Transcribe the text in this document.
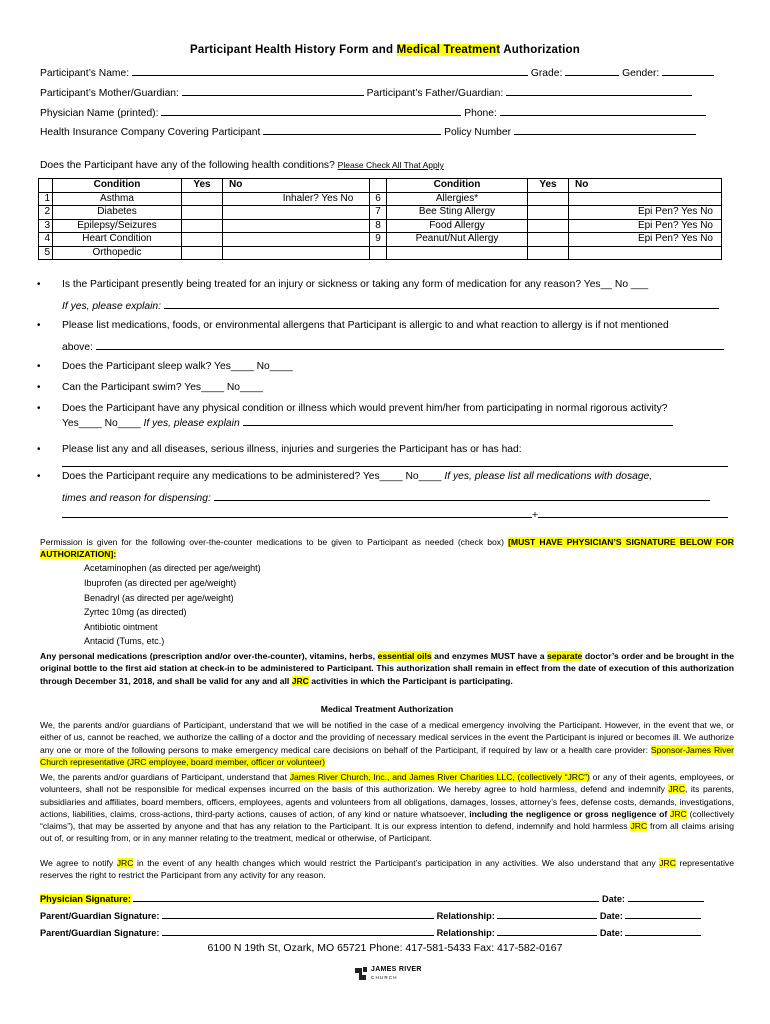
Participant Health History Form and Medical Treatment Authorization
Participant’s Name:	Grade:	Gender:
Participant’s Mother/Guardian:	Participant’s Father/Guardian:
Physician Name (printed):	Phone:
Health Insurance Company Covering Participant	Policy Number
Does the Participant have any of the following health conditions? Please Check All That Apply
	Condition	Yes	No			Condition	Yes	No	
1	Asthma			Inhaler? Yes No	6	Allergies*			
2	Diabetes				7	Bee Sting Allergy			Epi Pen? Yes No
3	Epilepsy/Seizures				8	Food Allergy			Epi Pen? Yes No
4	Heart Condition				9	Peanut/Nut Allergy			Epi Pen? Yes No
5	Orthopedic								
• Is the Participant presently being treated for an injury or sickness or taking any form of medication for any reason? Yes__ No ___
If yes, please explain:
• Please list medications, foods, or environmental allergens that Participant is allergic to and what reaction to allergy is if not mentioned
above:
• Does the Participant sleep walk? Yes____ No____
• Can the Participant swim? Yes____ No____
• Does the Participant have any physical condition or illness which would prevent him/her from participating in normal rigorous activity?
Yes____ No____ If yes, please explain
• Please list any and all diseases, serious illness, injuries and surgeries the Participant has or has had:
• Does the Participant require any medications to be administered? Yes____ No____ If yes, please list all medications with dosage,
times and reason for dispensing:
+
Permission is given for the following over-the-counter medications to be given to Participant as needed (check box) [MUST HAVE PHYSICIAN’S SIGNATURE BELOW FOR AUTHORIZATION]:
Acetaminophen (as directed per age/weight)
Ibuprofen (as directed per age/weight)
Benadryl (as directed per age/weight)
Zyrtec 10mg (as directed)
Antibiotic ointment
Antacid (Tums, etc.)
Any personal medications (prescription and/or over-the-counter), vitamins, herbs, essential oils and enzymes MUST have a separate doctor’s order and be brought in the original bottle to the first aid station at check-in to be administered to Participant. This authorization shall remain in effect from the date of execution of this authorization through December 31, 2018, and shall be valid for any and all JRC activities in which the Participant is participating.
Medical Treatment Authorization
We, the parents and/or guardians of Participant, understand that we will be notified in the case of a medical emergency involving the Participant. However, in the event that we, or either of us, cannot be reached, we authorize the calling of a doctor and the providing of necessary medical services in the event the Participant is injured or becomes ill. We authorize any one or more of the following persons to make emergency medical care decisions on behalf of the Participant, if required by law or a health care provider: Sponsor-James River Church representative (JRC employee, board member, officer or volunteer)
We, the parents and/or guardians of Participant, understand that James River Church, Inc., and James River Charities LLC, (collectively “JRC”) or any of their agents, employees, or volunteers, shall not be responsible for medical expenses incurred on the basis of this authorization. We hereby agree to hold harmless, defend and indemnify JRC, its parents, subsidiaries and affiliates, board members, officers, employees, agents and volunteers from all obligations, damages, losses, attorney’s fees, defense costs, demands, investigations, actions, liabilities, claims, cross-actions, third-party actions, causes of action, of any kind or nature whatsoever, including the negligence or gross negligence of JRC (collectively “claims”), that may be asserted by anyone and that has any relation to the Participant. It is our express intention to defend, indemnify and hold harmless JRC from all claims arising out of, or resulting from, or in any manner relating to the treatment, medical or otherwise, of Participant.
We agree to notify JRC in the event of any health changes which would restrict the Participant’s participation in any activities. We also understand that any JRC representative reserves the right to restrict the Participant from any activity for any reason.
Physician Signature:	Date:
Parent/Guardian Signature:	Relationship:	Date:
Parent/Guardian Signature:	Relationship:	Date:
6100 N 19th St, Ozark, MO 65721 Phone: 417-581-5433 Fax: 417-582-0167
JAMES RIVER
CHURCH
